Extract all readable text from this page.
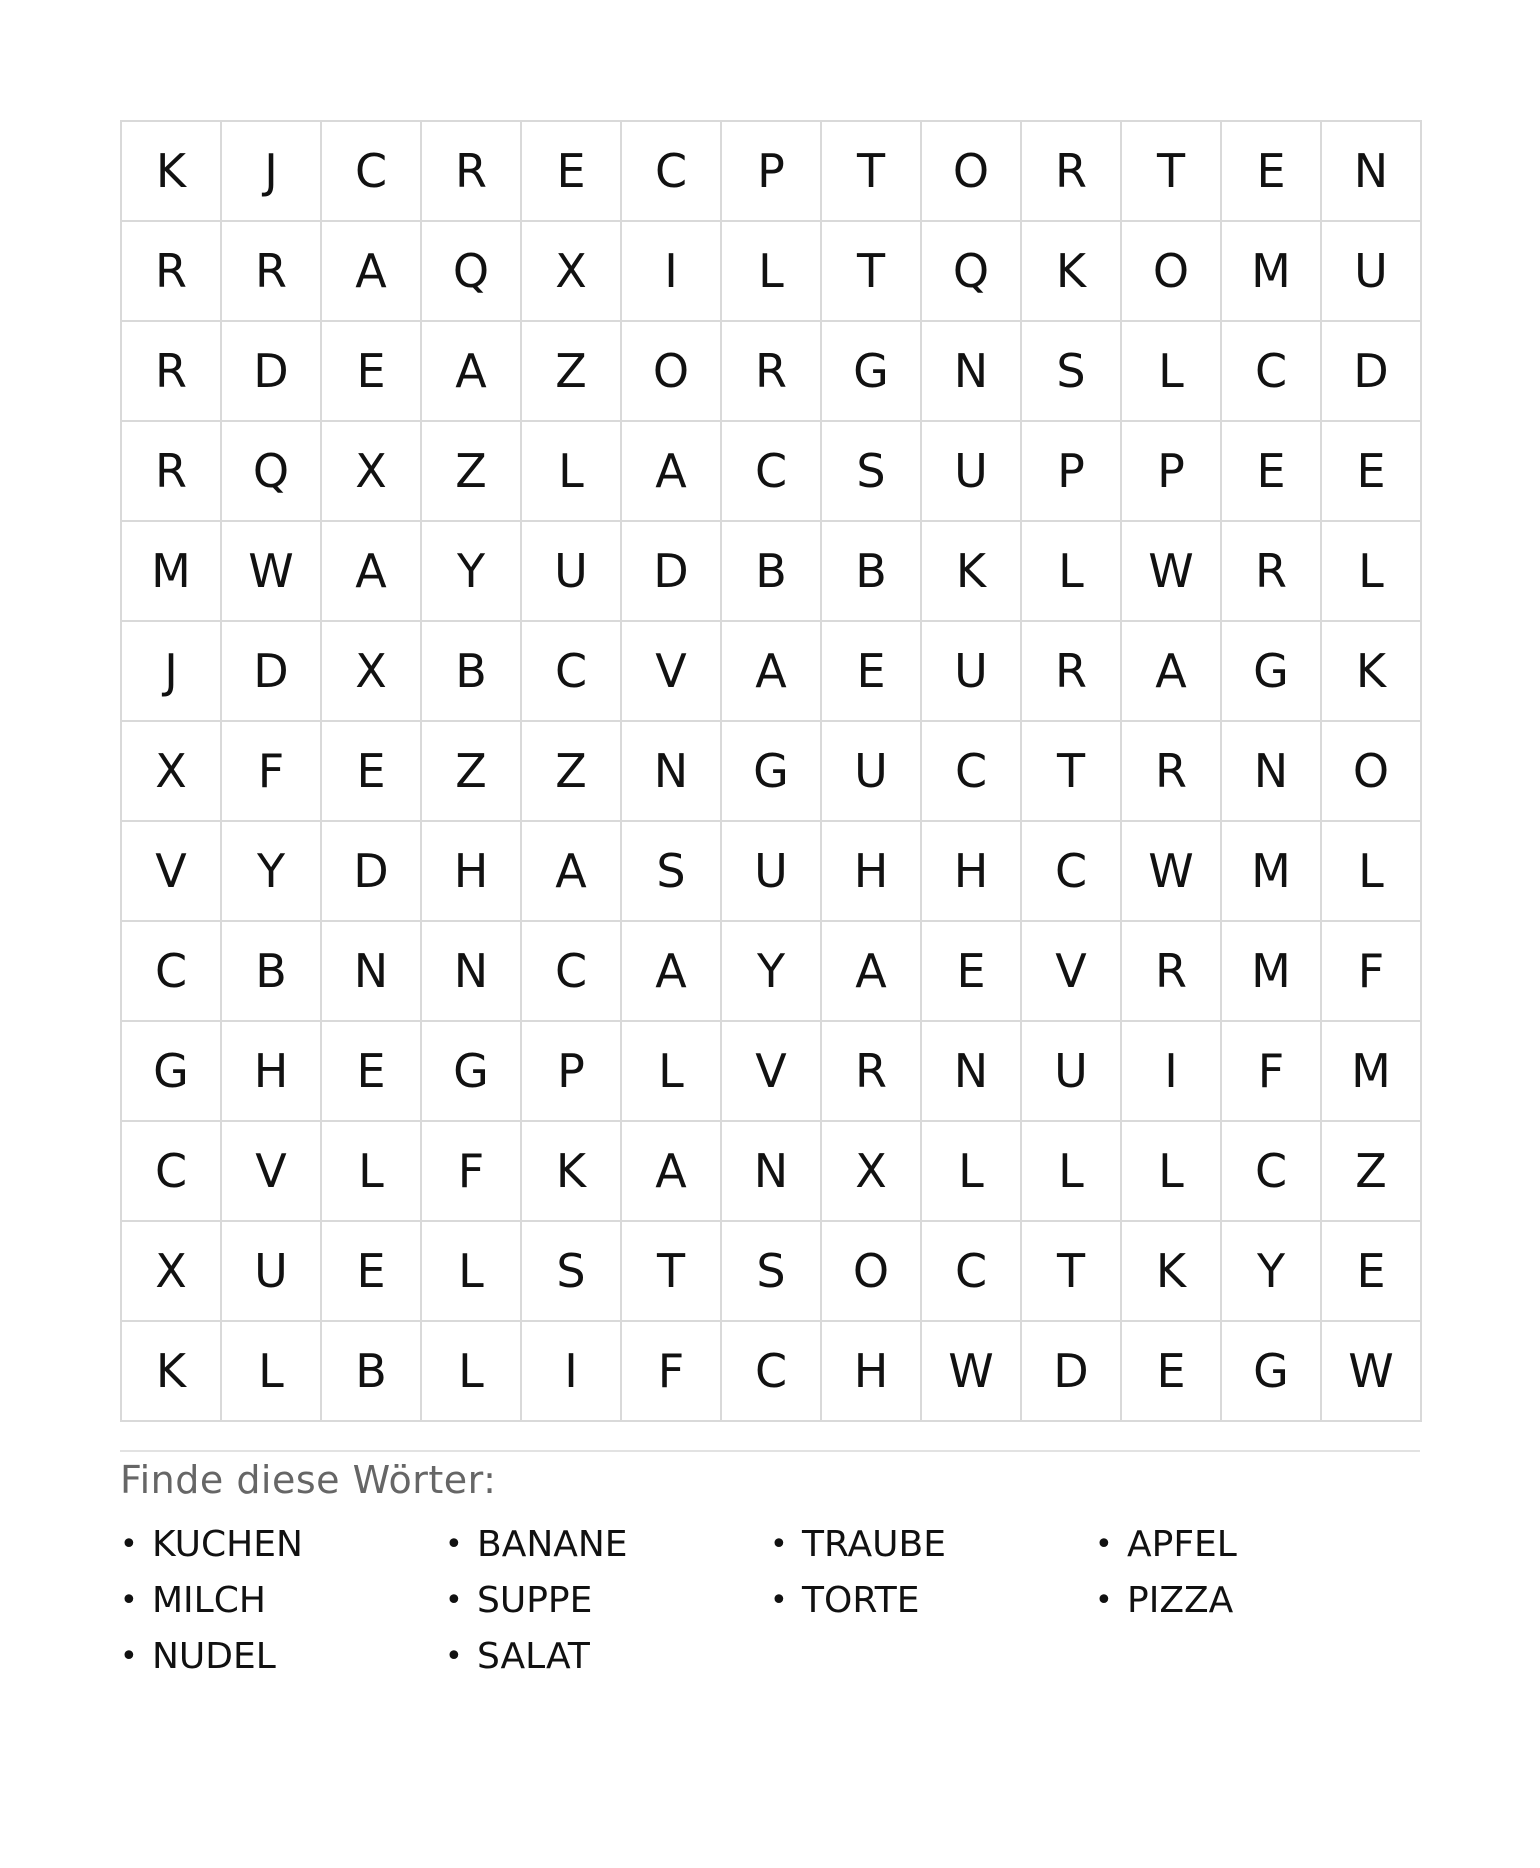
K	J	C	R	E	C	P	T	O	R	T	E	N
R	R	A	Q	X	I	L	T	Q	K	O	M	U
R	D	E	A	Z	O	R	G	N	S	L	C	D
R	Q	X	Z	L	A	C	S	U	P	P	E	E
M	W	A	Y	U	D	B	B	K	L	W	R	L
J	D	X	B	C	V	A	E	U	R	A	G	K
X	F	E	Z	Z	N	G	U	C	T	R	N	O
V	Y	D	H	A	S	U	H	H	C	W	M	L
C	B	N	N	C	A	Y	A	E	V	R	M	F
G	H	E	G	P	L	V	R	N	U	I	F	M
C	V	L	F	K	A	N	X	L	L	L	C	Z
X	U	E	L	S	T	S	O	C	T	K	Y	E
K	L	B	L	I	F	C	H	W	D	E	G	W
Finde diese Wörter:
• KUCHEN	• BANANE	• TRAUBE	• APFEL
• MILCH	• SUPPE	• TORTE	• PIZZA
• NUDEL	• SALAT
